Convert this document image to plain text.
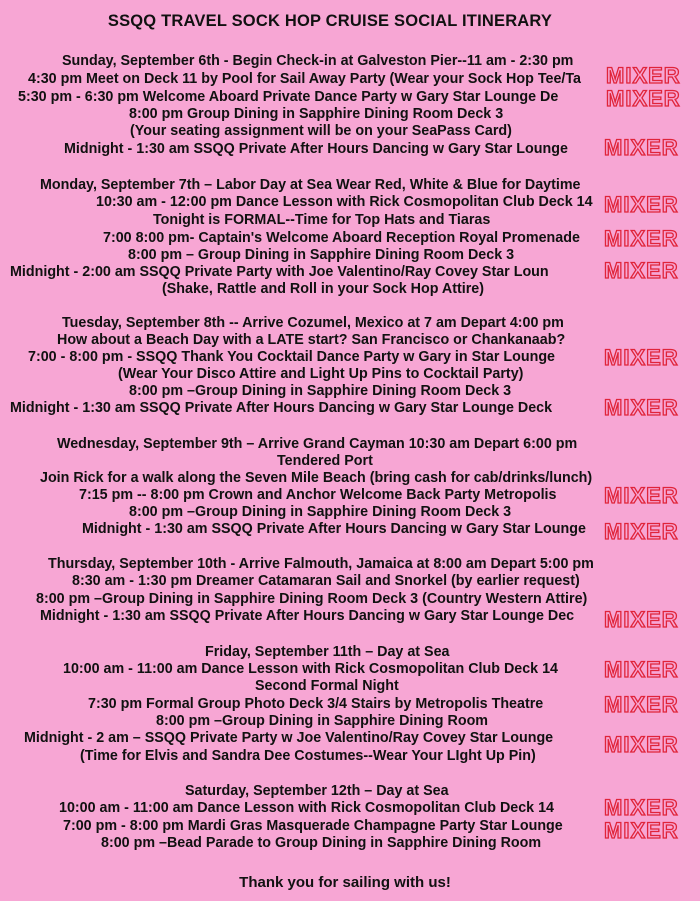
SSQQ TRAVEL SOCK HOP CRUISE SOCIAL ITINERARY
Sunday, September 6th - Begin Check-in at Galveston Pier--11 am - 2:30 pm
4:30 pm Meet on Deck 11 by Pool for Sail Away Party (Wear your Sock Hop Tee/Ta
5:30 pm - 6:30 pm Welcome Aboard Private Dance Party w Gary Star Lounge De
8:00 pm Group Dining in Sapphire Dining Room Deck 3
(Your seating assignment will be on your SeaPass Card)
Midnight - 1:30 am SSQQ Private After Hours Dancing w Gary Star Lounge
Monday, September 7th – Labor Day at Sea Wear Red, White & Blue for Daytime
10:30 am - 12:00 pm Dance Lesson with Rick Cosmopolitan Club Deck 14
Tonight is FORMAL--Time for Top Hats and Tiaras
7:00 8:00 pm- Captain's Welcome Aboard Reception Royal Promenade
8:00 pm – Group Dining in Sapphire Dining Room Deck 3
Midnight - 2:00 am SSQQ Private Party with Joe Valentino/Ray Covey Star Loun
(Shake, Rattle and Roll in your Sock Hop Attire)
Tuesday, September 8th -- Arrive Cozumel, Mexico at 7 am Depart 4:00 pm
How about a Beach Day with a LATE start? San Francisco or Chankanaab?
7:00 - 8:00 pm - SSQQ Thank You Cocktail Dance Party w Gary in Star Lounge
(Wear Your Disco Attire and Light Up Pins to Cocktail Party)
8:00 pm –Group Dining in Sapphire Dining Room Deck 3
Midnight - 1:30 am SSQQ Private After Hours Dancing w Gary Star Lounge Deck
Wednesday, September 9th – Arrive Grand Cayman 10:30 am Depart 6:00 pm
Tendered Port
Join Rick for a walk along the Seven Mile Beach (bring cash for cab/drinks/lunch)
7:15 pm -- 8:00 pm Crown and Anchor Welcome Back Party Metropolis
8:00 pm –Group Dining in Sapphire Dining Room Deck 3
Midnight - 1:30 am SSQQ Private After Hours Dancing w Gary Star Lounge
Thursday, September 10th - Arrive Falmouth, Jamaica at 8:00 am Depart 5:00 pm
8:30 am - 1:30 pm Dreamer Catamaran Sail and Snorkel (by earlier request)
8:00 pm –Group Dining in Sapphire Dining Room Deck 3 (Country Western Attire)
Midnight - 1:30 am SSQQ Private After Hours Dancing w Gary Star Lounge Dec
Friday, September 11th – Day at Sea
10:00 am - 11:00 am Dance Lesson with Rick Cosmopolitan Club Deck 14
Second Formal Night
7:30 pm Formal Group Photo Deck 3/4 Stairs by Metropolis Theatre
8:00 pm –Group Dining in Sapphire Dining Room
Midnight - 2 am – SSQQ Private Party w Joe Valentino/Ray Covey Star Lounge
(Time for Elvis and Sandra Dee Costumes--Wear Your LIght Up Pin)
Saturday, September 12th – Day at Sea
10:00 am - 11:00 am Dance Lesson with Rick Cosmopolitan Club Deck 14
7:00 pm - 8:00 pm Mardi Gras Masquerade Champagne Party Star Lounge
8:00 pm –Bead Parade to Group Dining in Sapphire Dining Room
MIXER
MIXER
MIXER
MIXER
MIXER
MIXER
MIXER
MIXER
MIXER
MIXER
MIXER
MIXER
MIXER
MIXER
MIXER
MIXER
Thank you for sailing with us!
